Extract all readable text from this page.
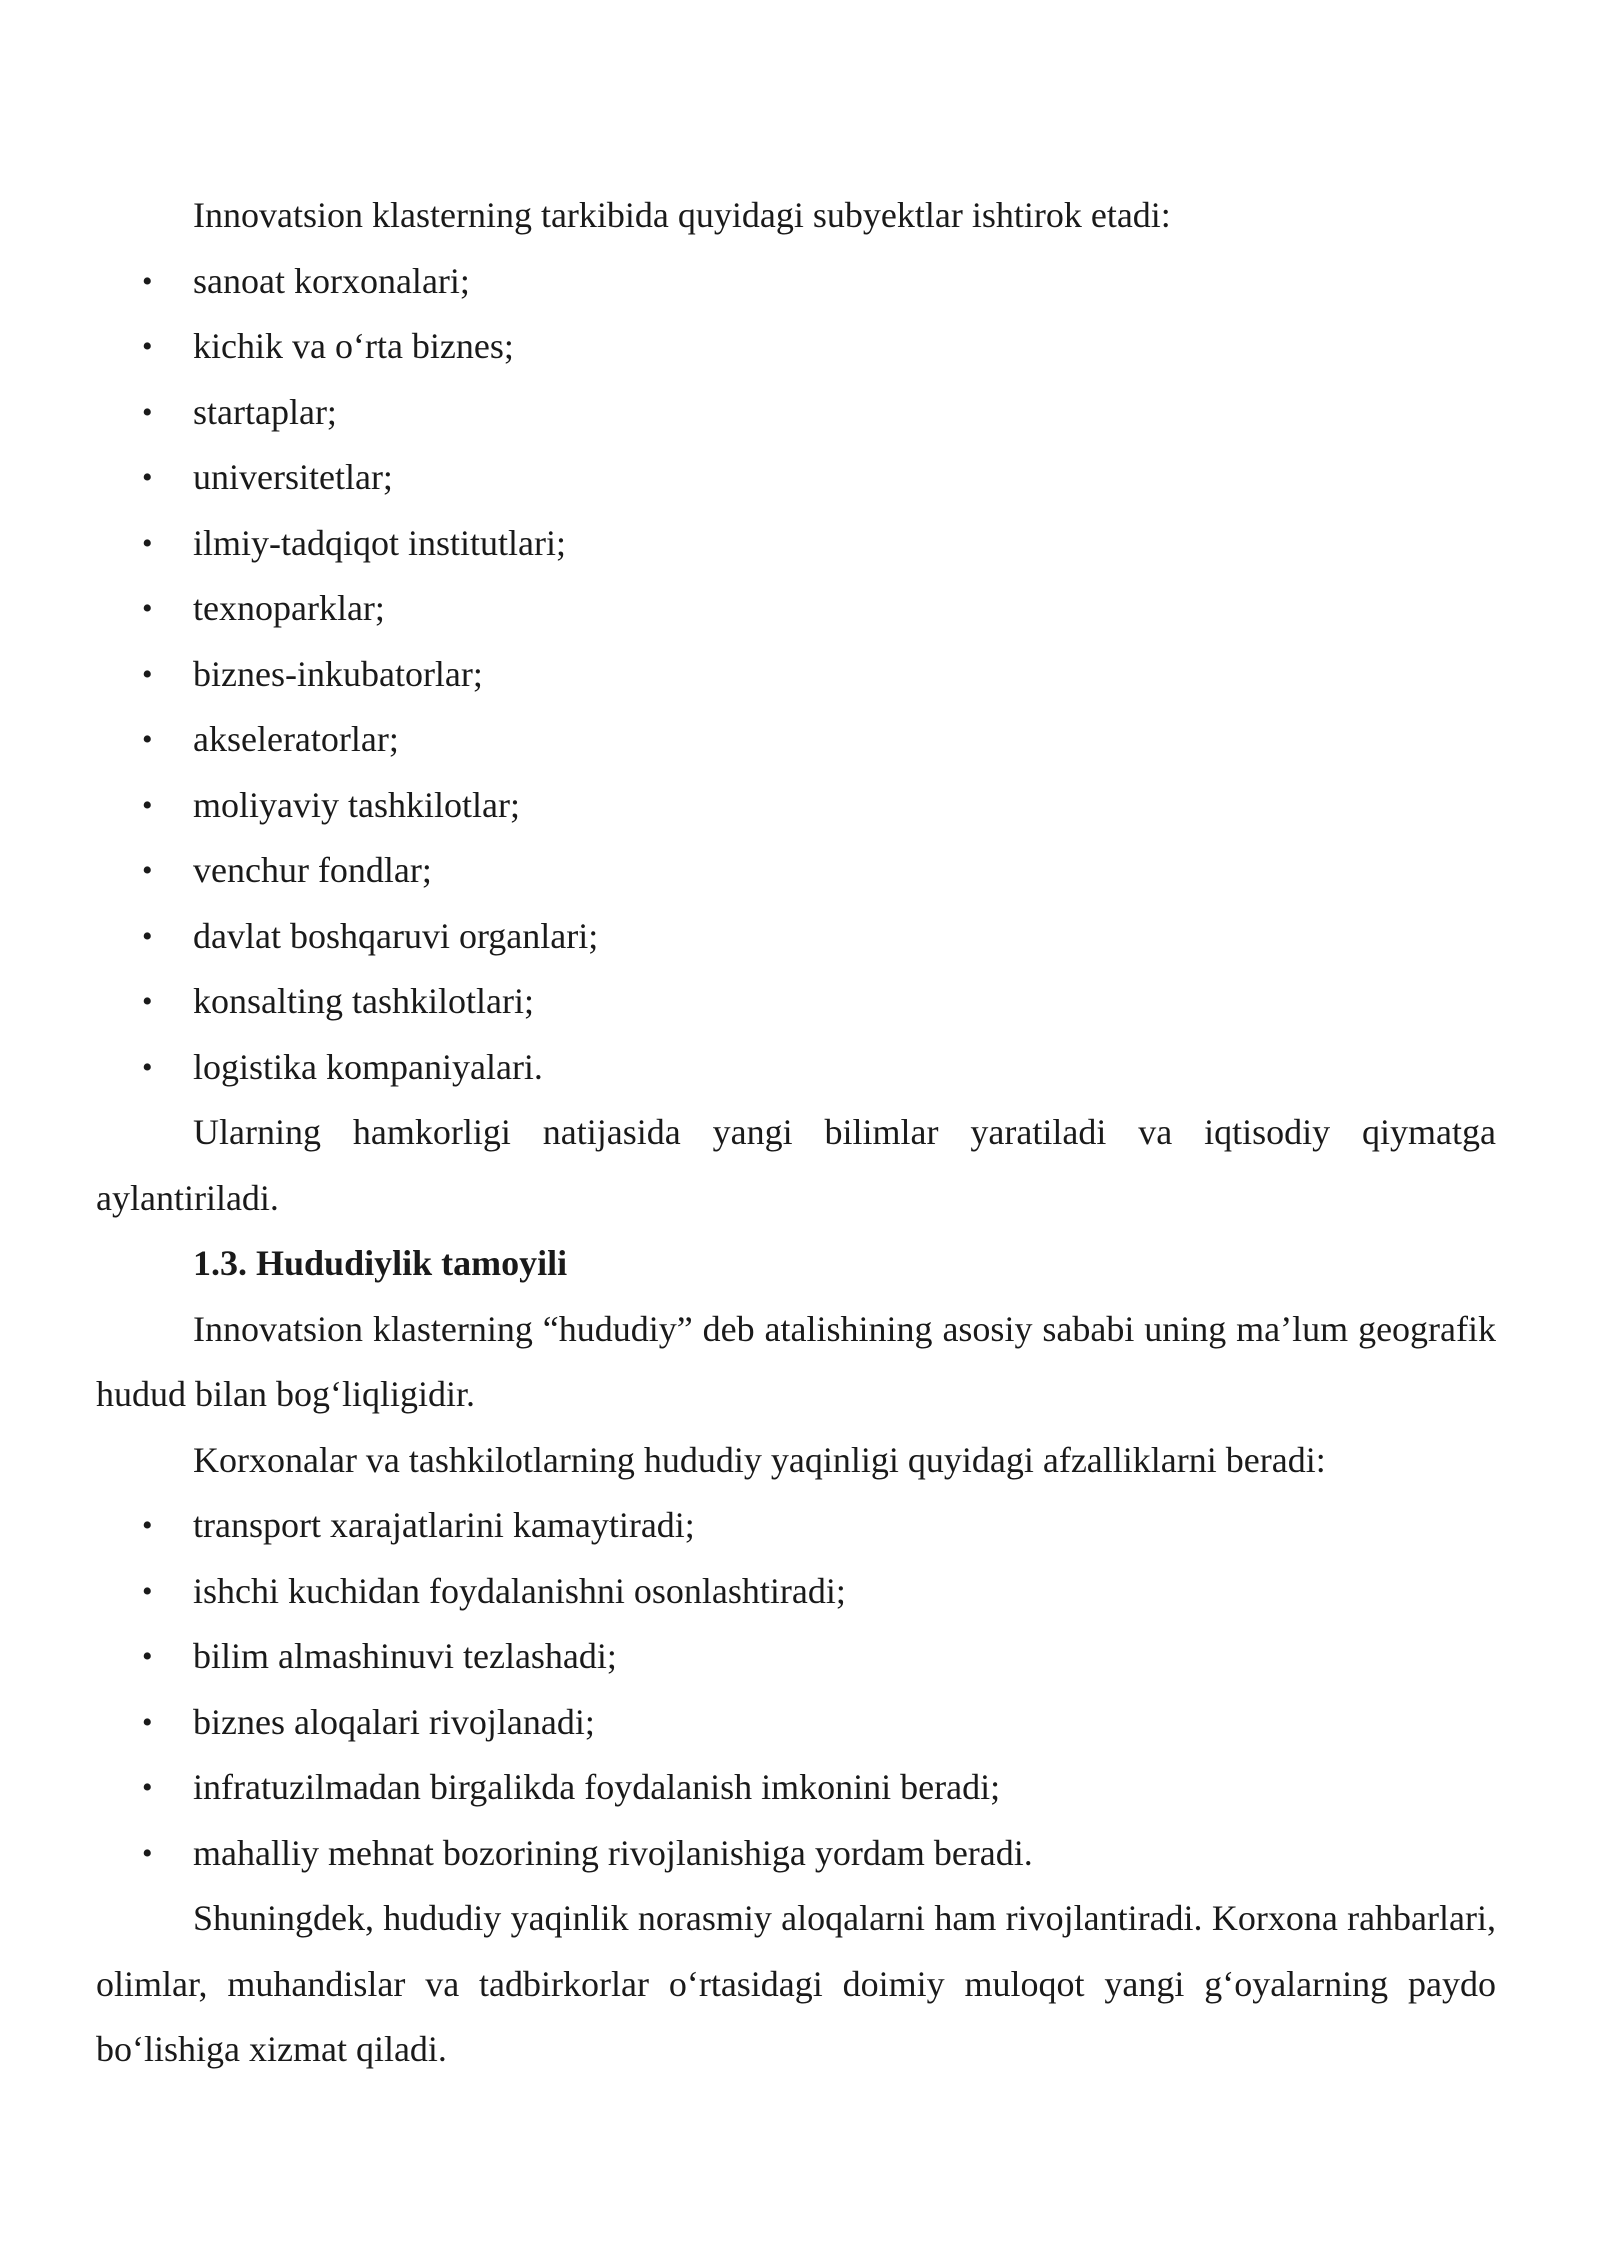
Innovatsion klasterning tarkibida quyidagi subyektlar ishtirok etadi:

• sanoat korxonalari;
• kichik va o‘rta biznes;
• startaplar;
• universitetlar;
• ilmiy-tadqiqot institutlari;
• texnoparklar;
• biznes-inkubatorlar;
• akseleratorlar;
• moliyaviy tashkilotlar;
• venchur fondlar;
• davlat boshqaruvi organlari;
• konsalting tashkilotlari;
• logistika kompaniyalari.

Ularning hamkorligi natijasida yangi bilimlar yaratiladi va iqtisodiy qiymatga aylantiriladi.

1.3. Hududiylik tamoyili

Innovatsion klasterning “hududiy” deb atalishining asosiy sababi uning ma’lum geografik hudud bilan bog‘liqligidir.

Korxonalar va tashkilotlarning hududiy yaqinligi quyidagi afzalliklarni beradi:

• transport xarajatlarini kamaytiradi;
• ishchi kuchidan foydalanishni osonlashtiradi;
• bilim almashinuvi tezlashadi;
• biznes aloqalari rivojlanadi;
• infratuzilmadan birgalikda foydalanish imkonini beradi;
• mahalliy mehnat bozorining rivojlanishiga yordam beradi.

Shuningdek, hududiy yaqinlik norasmiy aloqalarni ham rivojlantiradi. Korxona rahbarlari, olimlar, muhandislar va tadbirkorlar o‘rtasidagi doimiy muloqot yangi g‘oyalarning paydo bo‘lishiga xizmat qiladi.
